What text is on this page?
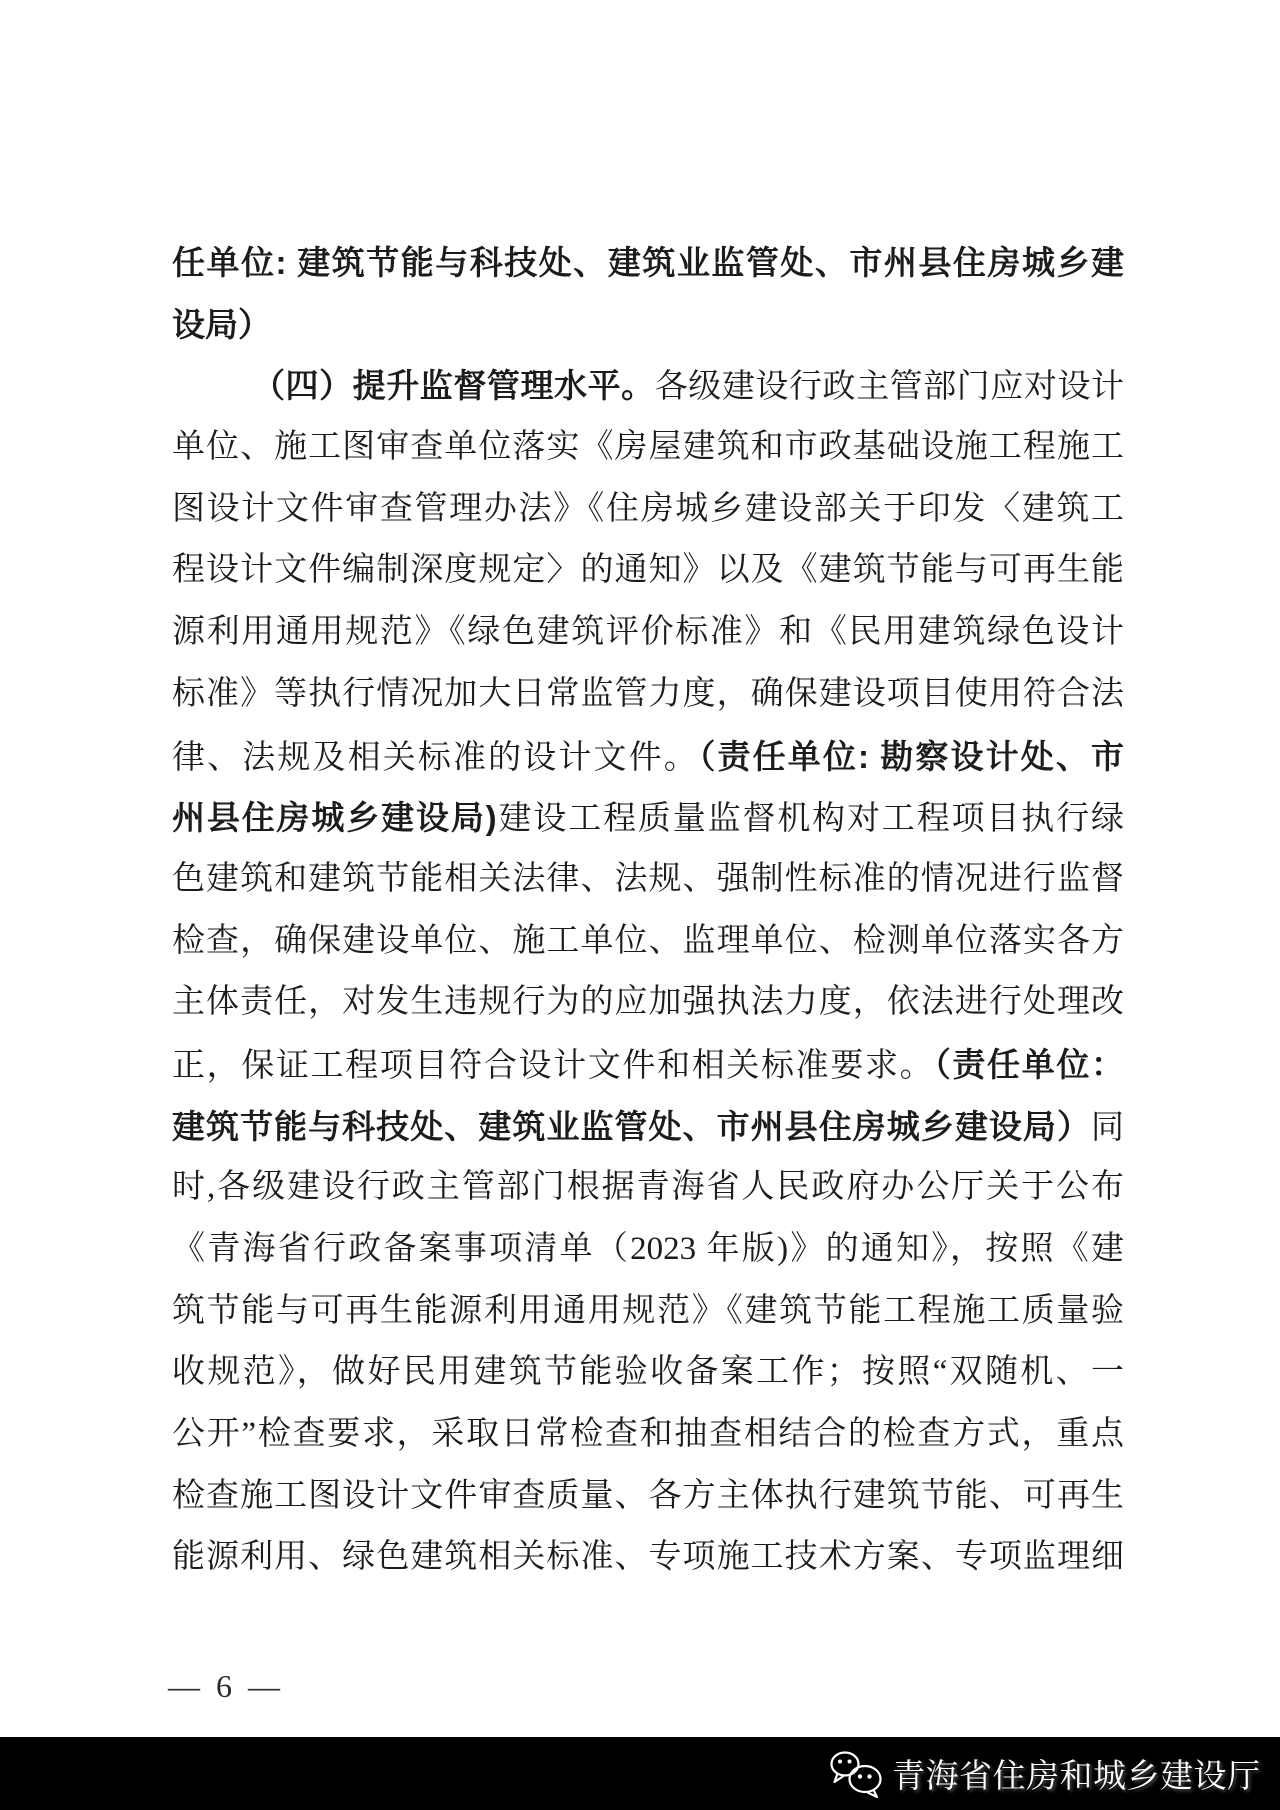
任单位: 建筑节能与科技处、建筑业监管处、市州县住房城乡建
设局）
（四）提升监督管理水平。各级建设行政主管部门应对设计
单位、施工图审查单位落实《房屋建筑和市政基础设施工程施工
图设计文件审查管理办法》《住房城乡建设部关于印发〈建筑工
程设计文件编制深度规定〉的通知》以及《建筑节能与可再生能
源利用通用规范》《绿色建筑评价标准》和《民用建筑绿色设计
标准》等执行情况加大日常监管力度，确保建设项目使用符合法
律、法规及相关标准的设计文件。（责任单位: 勘察设计处、市
州县住房城乡建设局)建设工程质量监督机构对工程项目执行绿
色建筑和建筑节能相关法律、法规、强制性标准的情况进行监督
检查，确保建设单位、施工单位、监理单位、检测单位落实各方
主体责任，对发生违规行为的应加强执法力度，依法进行处理改
正，保证工程项目符合设计文件和相关标准要求。（责任单位：
建筑节能与科技处、建筑业监管处、市州县住房城乡建设局）同
时,各级建设行政主管部门根据青海省人民政府办公厅关于公布
《青海省行政备案事项清单（2023 年版)》的通知》，按照《建
筑节能与可再生能源利用通用规范》《建筑节能工程施工质量验
收规范》，做好民用建筑节能验收备案工作；按照“双随机、一
公开”检查要求，采取日常检查和抽查相结合的检查方式，重点
检查施工图设计文件审查质量、各方主体执行建筑节能、可再生
能源利用、绿色建筑相关标准、专项施工技术方案、专项监理细
— 6 —
青海省住房和城乡建设厅
